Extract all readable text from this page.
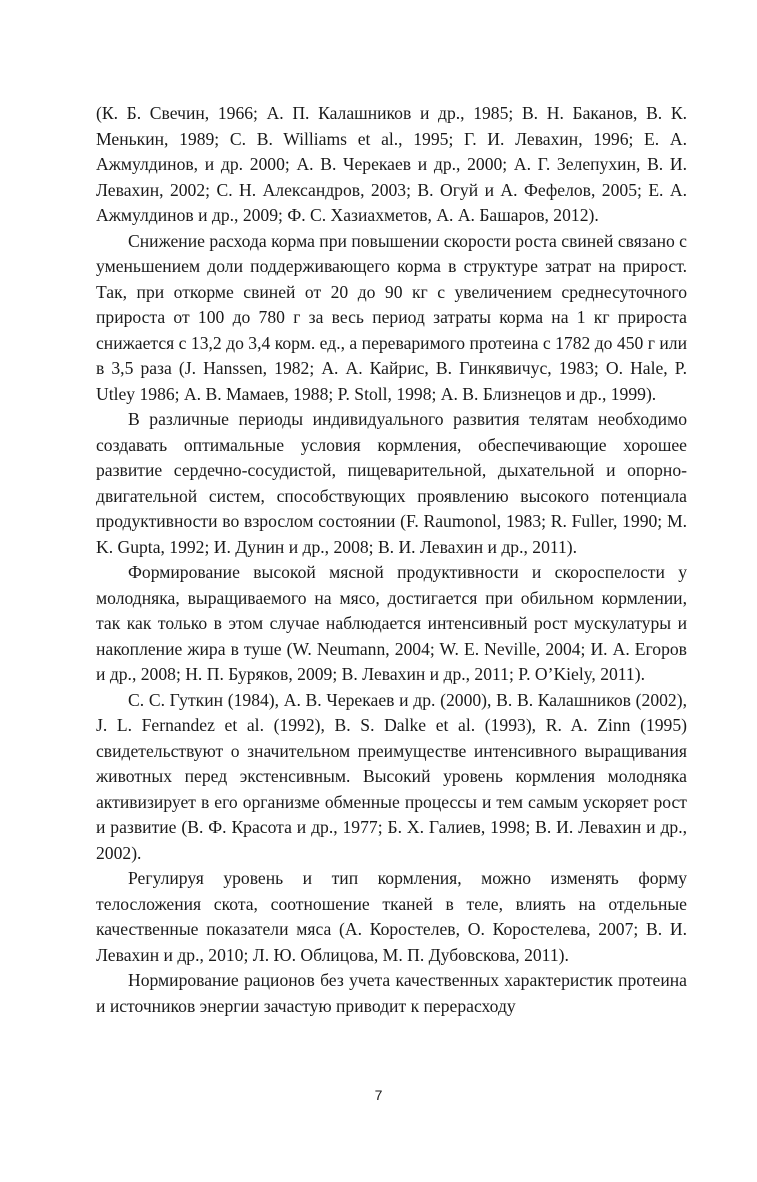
(К. Б. Свечин, 1966; А. П. Калашников и др., 1985; В. Н. Баканов, В. К. Менькин, 1989; С. B. Williams et al., 1995; Г. И. Левахин, 1996; Е. А. Ажмулдинов, и др. 2000; А. В. Черекаев и др., 2000; А. Г. Зелепухин, В. И. Левахин, 2002; С. Н. Александров, 2003; В. Огуй и А. Фефелов, 2005; Е. А. Ажмулдинов и др., 2009; Ф. С. Хазиахметов, А. А. Башаров, 2012).

Снижение расхода корма при повышении скорости роста свиней связано с уменьшением доли поддерживающего корма в структуре затрат на прирост. Так, при откорме свиней от 20 до 90 кг с увеличением среднесуточного прироста от 100 до 780 г за весь период затраты корма на 1 кг прироста снижается с 13,2 до 3,4 корм. ед., а переваримого протеина с 1782 до 450 г или в 3,5 раза (J. Hanssen, 1982; А. А. Кайрис, В. Гинкявичус, 1983; O. Hale, P. Utley 1986; А. В. Мамаев, 1988; P. Stoll, 1998; А. В. Близнецов и др., 1999).

В различные периоды индивидуального развития телятам необходимо создавать оптимальные условия кормления, обеспечивающие хорошее развитие сердечно-сосудистой, пищеварительной, дыхательной и опорно-двигательной систем, способствующих проявлению высокого потенциала продуктивности во взрослом состоянии (F. Raumonol, 1983; R. Fuller, 1990; M. K. Gupta, 1992; И. Дунин и др., 2008; В. И. Левахин и др., 2011).

Формирование высокой мясной продуктивности и скороспелости у молодняка, выращиваемого на мясо, достигается при обильном кормлении, так как только в этом случае наблюдается интенсивный рост мускулатуры и накопление жира в туше (W. Neumann, 2004; W. E. Neville, 2004; И. А. Егоров и др., 2008; Н. П. Буряков, 2009; В. Левахин и др., 2011; P. O’Kiely, 2011).

С. С. Гуткин (1984), А. В. Черекаев и др. (2000), В. В. Калашников (2002), J. L. Fernandez et al. (1992), B. S. Dalke et al. (1993), R. A. Zinn (1995) свидетельствуют о значительном преимуществе интенсивного выращивания животных перед экстенсивным. Высокий уровень кормления молодняка активизирует в его организме обменные процессы и тем самым ускоряет рост и развитие (В. Ф. Красота и др., 1977; Б. Х. Галиев, 1998; В. И. Левахин и др., 2002).

Регулируя уровень и тип кормления, можно изменять форму телосложения скота, соотношение тканей в теле, влиять на отдельные качественные показатели мяса (А. Коростелев, О. Коростелева, 2007; В. И. Левахин и др., 2010; Л. Ю. Облицова, М. П. Дубовскова, 2011).

Нормирование рационов без учета качественных характеристик протеина и источников энергии зачастую приводит к перерасходу

7
